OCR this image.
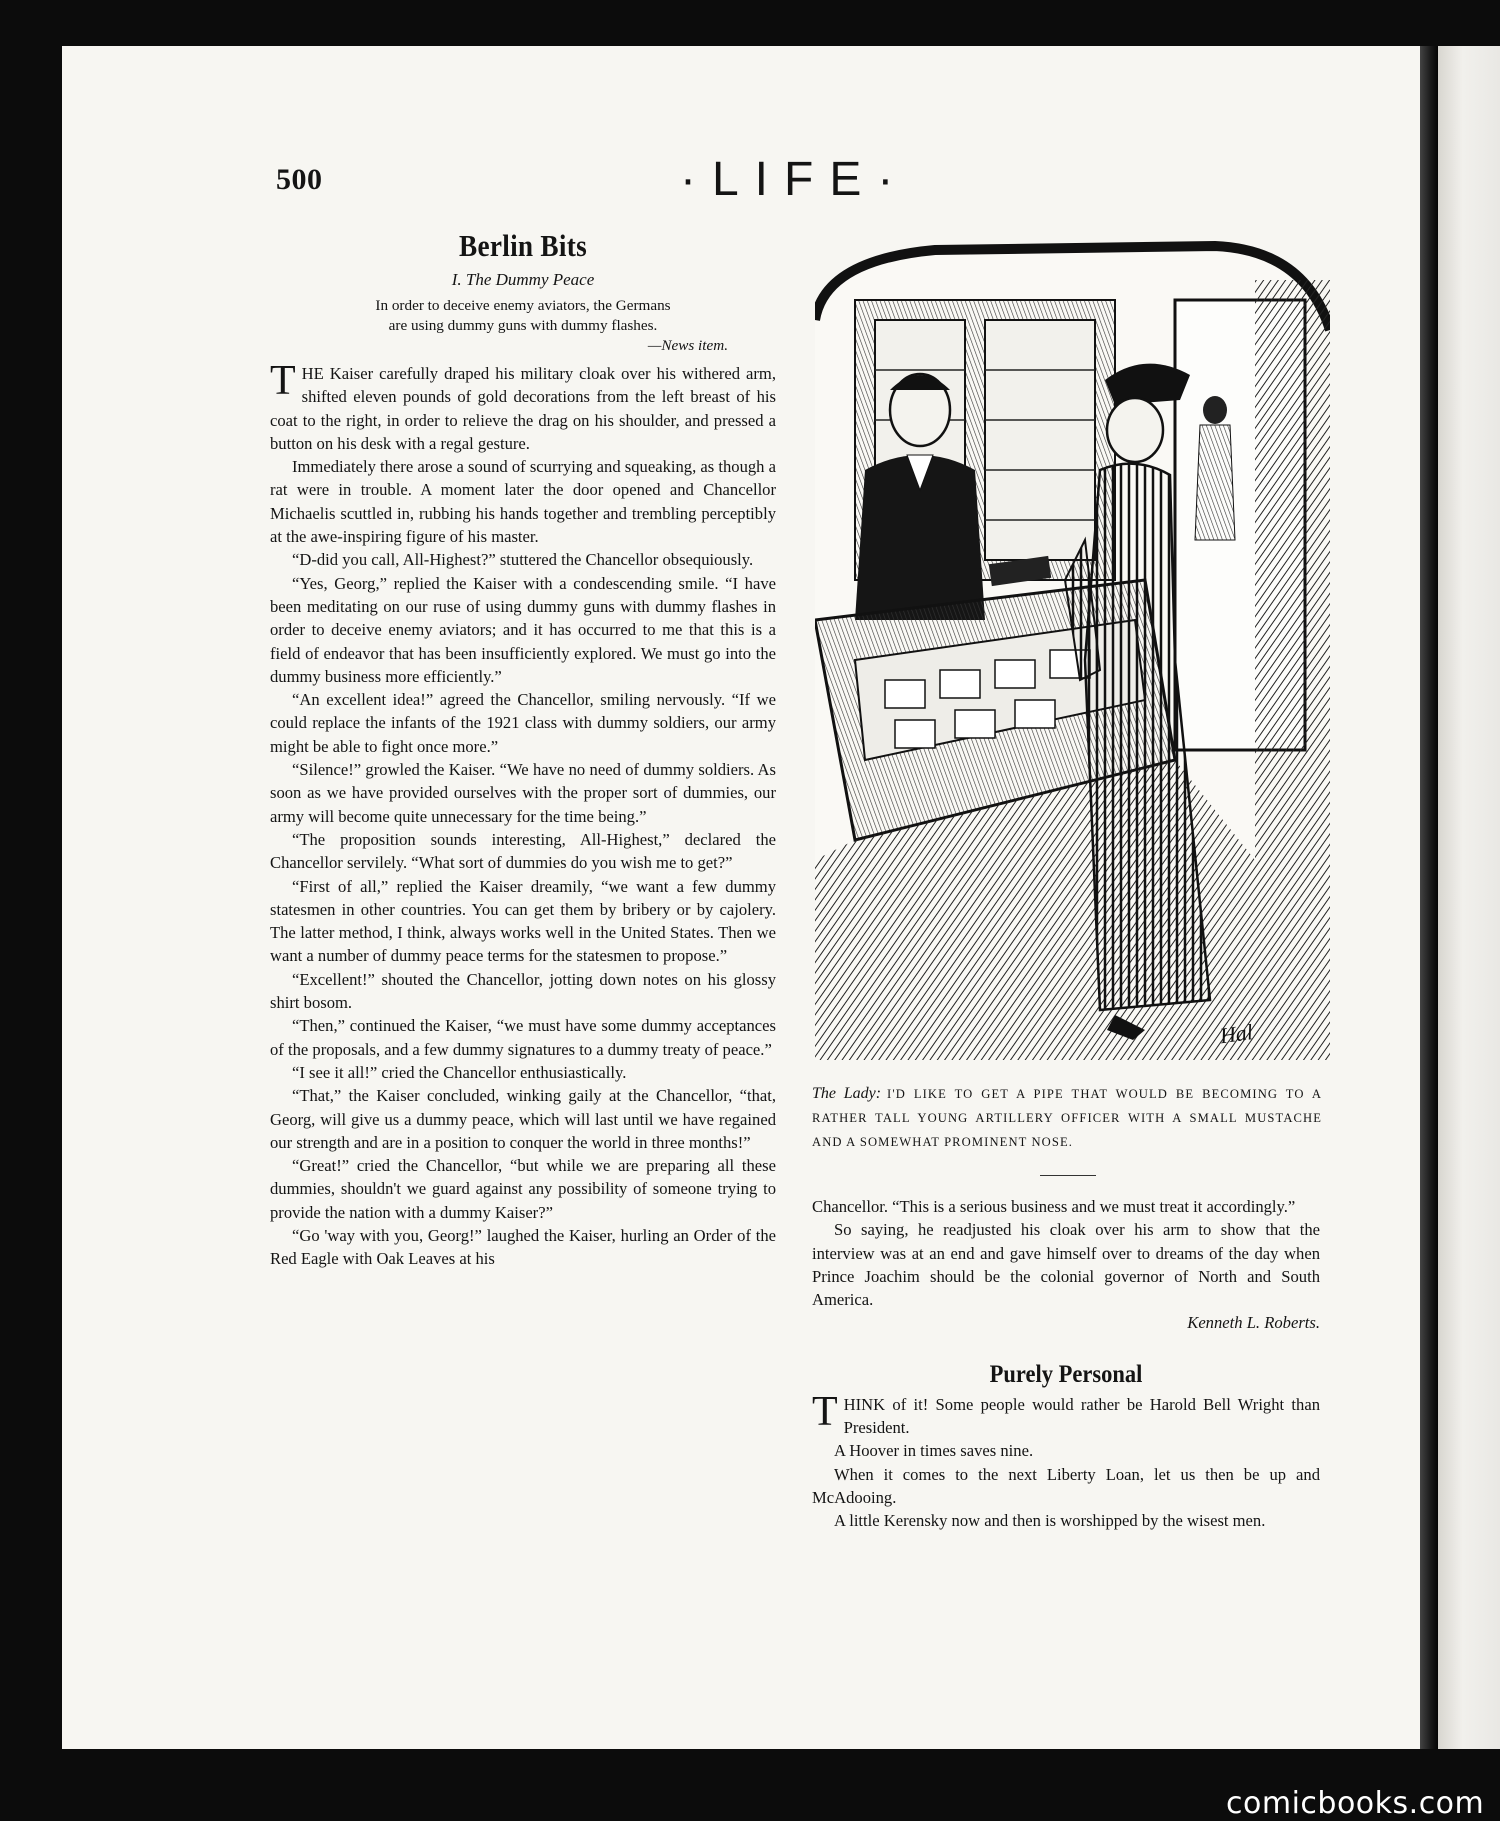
500	·LIFE·
Berlin Bits
I. The Dummy Peace
In order to deceive enemy aviators, the Germans
are using dummy guns with dummy flashes.
—News item.

THE Kaiser carefully draped his military cloak over his withered arm, shifted eleven pounds of gold decorations from the left breast of his coat to the right, in order to relieve the drag on his shoulder, and pressed a button on his desk with a regal gesture.

Immediately there arose a sound of scurrying and squeaking, as though a rat were in trouble. A moment later the door opened and Chancellor Michaelis scuttled in, rubbing his hands together and trembling perceptibly at the awe-inspiring figure of his master.

“D-did you call, All-Highest?” stuttered the Chancellor obsequiously.

“Yes, Georg,” replied the Kaiser with a condescending smile. “I have been meditating on our ruse of using dummy guns with dummy flashes in order to deceive enemy aviators; and it has occurred to me that this is a field of endeavor that has been insufficiently explored. We must go into the dummy business more efficiently.”

“An excellent idea!” agreed the Chancellor, smiling nervously. “If we could replace the infants of the 1921 class with dummy soldiers, our army might be able to fight once more.”

“Silence!” growled the Kaiser. “We have no need of dummy soldiers. As soon as we have provided ourselves with the proper sort of dummies, our army will become quite unnecessary for the time being.”

“The proposition sounds interesting, All-Highest,” declared the Chancellor servilely. “What sort of dummies do you wish me to get?”

“First of all,” replied the Kaiser dreamily, “we want a few dummy statesmen in other countries. You can get them by bribery or by cajolery. The latter method, I think, always works well in the United States. Then we want a number of dummy peace terms for the statesmen to propose.”

“Excellent!” shouted the Chancellor, jotting down notes on his glossy shirt bosom.

“Then,” continued the Kaiser, “we must have some dummy acceptances of the proposals, and a few dummy signatures to a dummy treaty of peace.”

“I see it all!” cried the Chancellor enthusiastically.

“That,” the Kaiser concluded, winking gaily at the Chancellor, “that, Georg, will give us a dummy peace, which will last until we have regained our strength and are in a position to conquer the world in three months!”

“Great!” cried the Chancellor, “but while we are preparing all these dummies, shouldn't we guard against any possibility of someone trying to provide the nation with a dummy Kaiser?”

“Go 'way with you, Georg!” laughed the Kaiser, hurling an Order of the Red Eagle with Oak Leaves at his

Hal
The Lady: I'D LIKE TO GET A PIPE THAT WOULD BE BECOMING TO A RATHER TALL YOUNG ARTILLERY OFFICER WITH A SMALL MUSTACHE AND A SOMEWHAT PROMINENT NOSE.

Chancellor. “This is a serious business and we must treat it accordingly.”

So saying, he readjusted his cloak over his arm to show that the interview was at an end and gave himself over to dreams of the day when Prince Joachim should be the colonial governor of North and South America.

Kenneth L. Roberts.
Purely Personal

THINK of it! Some people would rather be Harold Bell Wright than President.

A Hoover in times saves nine.

When it comes to the next Liberty Loan, let us then be up and McAdooing.

A little Kerensky now and then is worshipped by the wisest men.

comicbooks.com
